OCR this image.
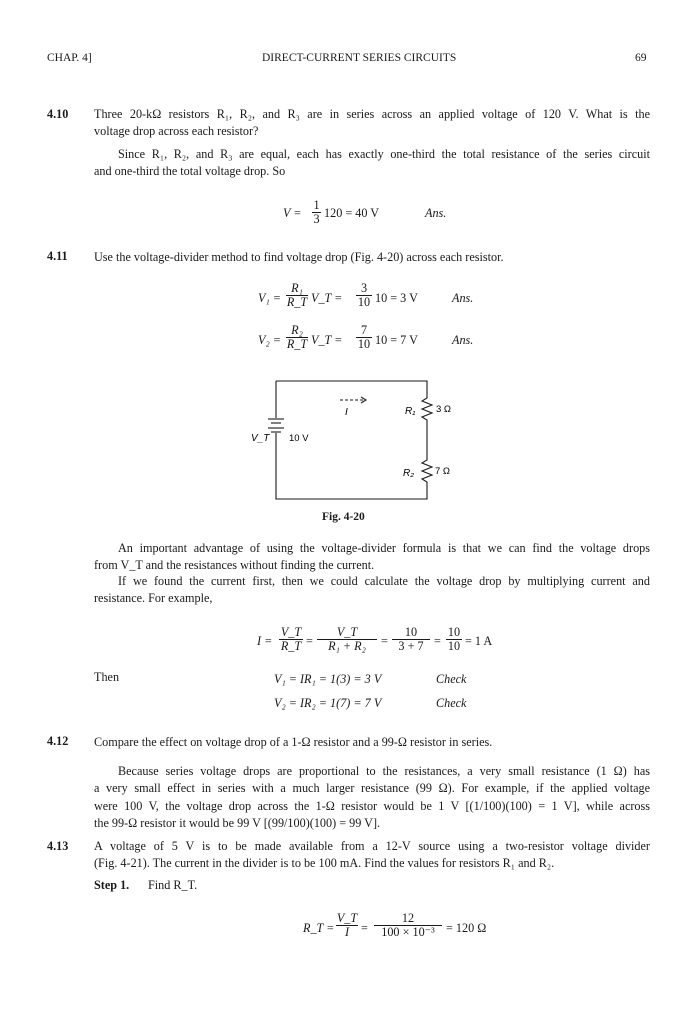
CHAP. 4]	DIRECT-CURRENT SERIES CIRCUITS	69
4.10 Three 20-kΩ resistors R₁, R₂, and R₃ are in series across an applied voltage of 120 V. What is the
voltage drop across each resistor?
Since R₁, R₂, and R₃ are equal, each has exactly one-third the total resistance of the series circuit
and one-third the total voltage drop. So
V =
1
3 120 = 40 V	Ans.
4.11 Use the voltage-divider method to find voltage drop (Fig. 4-20) across each resistor.
V₁ =
R₁
R_T V_T =
3
10 10 = 3 V	Ans.
V₂ =
R₂
R_T V_T =
7
10 10 = 7 V	Ans.
I
V_T 10 V
R₁ 3 Ω
R₂ 7 Ω
Fig. 4-20
An important advantage of using the voltage-divider formula is that we can find the voltage drops
from V_T and the resistances without finding the current.
If we found the current first, then we could calculate the voltage drop by multiplying current and
resistance. For example,
I =
V_T
R_T =
V_T
R₁ + R₂	=
10
3 + 7 =
10
10 = 1 A
Then	V₁ = IR₁ = 1(3) = 3 V	Check
V₂ = IR₂ = 1(7) = 7 V	Check
4.12 Compare the effect on voltage drop of a 1-Ω resistor and a 99-Ω resistor in series.
Because series voltage drops are proportional to the resistances, a very small resistance (1 Ω) has
a very small effect in series with a much larger resistance (99 Ω). For example, if the applied voltage
were 100 V, the voltage drop across the 1-Ω resistor would be 1 V [(1/100)(100) = 1 V], while across
the 99-Ω resistor it would be 99 V [(99/100)(100) = 99 V].
4.13 A voltage of 5 V is to be made available from a 12-V source using a two-resistor voltage divider
(Fig. 4-21). The current in the divider is to be 100 mA. Find the values for resistors R₁ and R₂.
Step 1. Find R_T.
R_T =
V_T
I =
12
100 × 10⁻³ = 120 Ω
